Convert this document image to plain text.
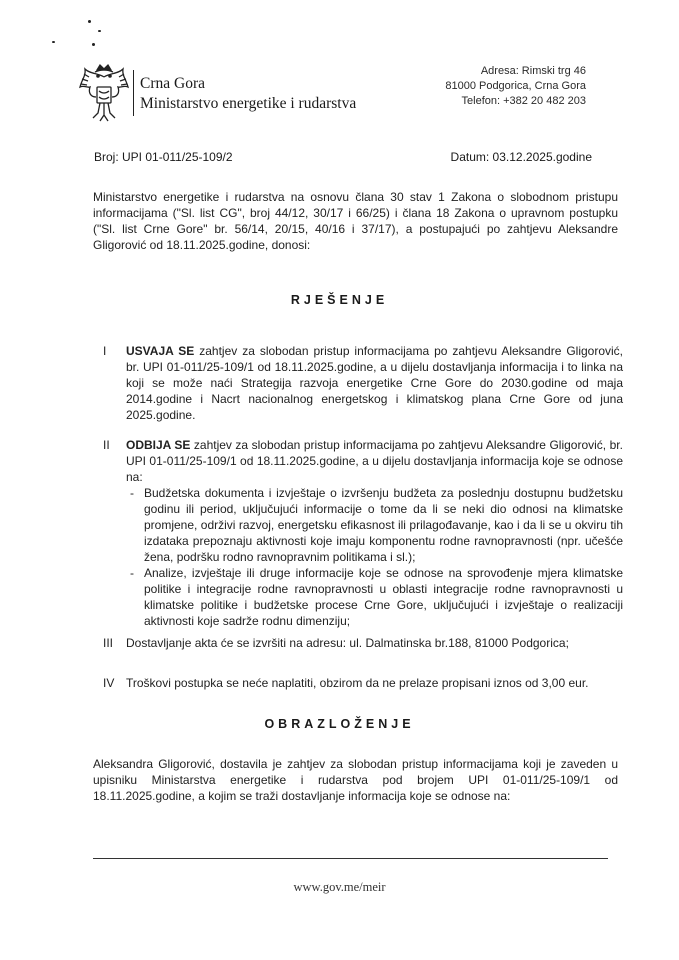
Crna Gora
Ministarstvo energetike i rudarstva
Adresa: Rimski trg 46
81000 Podgorica, Crna Gora
Telefon: +382 20 482 203
Broj: UPI 01-011/25-109/2	Datum: 03.12.2025.godine

Ministarstvo energetike i rudarstva na osnovu člana 30 stav 1 Zakona o slobodnom pristupu informacijama ("Sl. list CG", broj 44/12, 30/17 i 66/25) i člana 18 Zakona o upravnom postupku ("Sl. list Crne Gore" br. 56/14, 20/15, 40/16 i 37/17), a postupajući po zahtjevu Aleksandre Gligorović od 18.11.2025.godine, donosi:

RJEŠENJE
I	USVAJA SE zahtjev za slobodan pristup informacijama po zahtjevu Aleksandre Gligorović, br. UPI 01-011/25-109/1 od 18.11.2025.godine, a u dijelu dostavljanja informacija i to linka na koji se može naći Strategija razvoja energetike Crne Gore do 2030.godine od maja 2014.godine i Nacrt nacionalnog energetskog i klimatskog plana Crne Gore od juna 2025.godine.
II	ODBIJA SE zahtjev za slobodan pristup informacijama po zahtjevu Aleksandre Gligorović, br. UPI 01-011/25-109/1 od 18.11.2025.godine, a u dijelu dostavljanja informacija koje se odnose na:
- Budžetska dokumenta i izvještaje o izvršenju budžeta za poslednju dostupnu budžetsku godinu ili period, uključujući informacije o tome da li se neki dio odnosi na klimatske promjene, održivi razvoj, energetsku efikasnost ili prilagođavanje, kao i da li se u okviru tih izdataka prepoznaju aktivnosti koje imaju komponentu rodne ravnopravnosti (npr. učešće žena, podršku rodno ravnopravnim politikama i sl.);
- Analize, izvještaje ili druge informacije koje se odnose na sprovođenje mjera klimatske politike i integracije rodne ravnopravnosti u oblasti integracije rodne ravnopravnosti u klimatske politike i budžetske procese Crne Gore, uključujući i izvještaje o realizaciji aktivnosti koje sadrže rodnu dimenziju;
III	Dostavljanje akta će se izvršiti na adresu: ul. Dalmatinska br.188, 81000 Podgorica;
IV Troškovi postupka se neće naplatiti, obzirom da ne prelaze propisani iznos od 3,00 eur.
OBRAZLOŽENJE

Aleksandra Gligorović, dostavila je zahtjev za slobodan pristup informacijama koji je zaveden u upisniku Ministarstva energetike i rudarstva pod brojem UPI 01-011/25-109/1 od 18.11.2025.godine, a kojim se traži dostavljanje informacija koje se odnose na:

www.gov.me/meir
